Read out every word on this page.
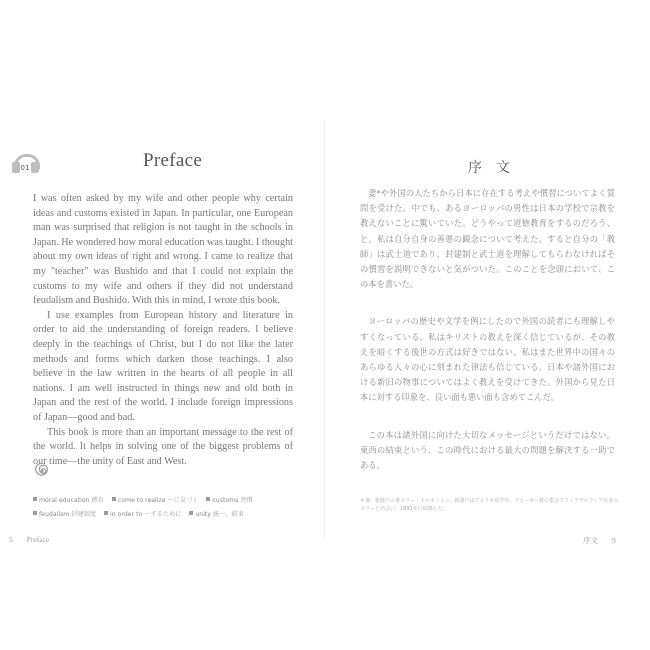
01	Preface	序文

I was often asked by my wife and other people why certain ideas and customs existed in Japan. In particular, one European man was surprised that religion is not taught in the schools in Japan. He wondered how moral education was taught. I thought about my own ideas of right and wrong. I came to realize that my "teacher" was Bushido and that I could not explain the customs to my wife and others if they did not understand feudalism and Bushido. With this in mind, I wrote this book.

I use examples from European history and literature in order to aid the understanding of foreign readers. I believe deeply in the teachings of Christ, but I do not like the later methods and forms which darken those teachings. I also believe in the law written in the hearts of all people in all nations. I am well instructed in things new and old both in Japan and the rest of the world. I include foreign impressions of Japan—good and bad.

This book is more than an important message to the rest of the world. It helps in solving one of the biggest problems of our time—the unity of East and West.

妻*や外国の人たちから日本に存在する考えや慣習についてよく質問を受けた。中でも、あるヨーロッパの男性は日本の学校で宗教を教えないことに驚いていた。どうやって道徳教育をするのだろう、と。私は自分自身の善悪の観念について考えた。すると自分の「教師」は武士道であり、封建制と武士道を理解してもらわなければその慣習を説明できないと気がついた。このことを念頭において、この本を書いた。

ヨーロッパの歴史や文学を例にしたので外国の読者にも理解しやすくなっている。私はキリストの教えを深く信じているが、その教えを暗くする後世の方式は好きではない。私はまた世界中の国々のあらゆる人々の心に刻まれた律法も信じている。日本や諸外国における新旧の物事についてはよく教えを受けてきた。外国から見た日本に対する印象を、良い面も悪い面も含めてこんだ。

この本は諸外国に向けた大切なメッセージというだけではない。東西の結束という、この時代における最大の問題を解決する一助である。

moral education 徳育 come to realize ～に気づく customs 習慣
feudalism 封建制度 in order to ～するために unity 統一、結束
＊妻：新渡戸の妻メリー・エルキントン。新渡戸はアメリカ留学中、クエーカー教の集会でフィラデルフィア出身のメリーと出会い、1891年に結婚した。
5 Preface	序文 9
